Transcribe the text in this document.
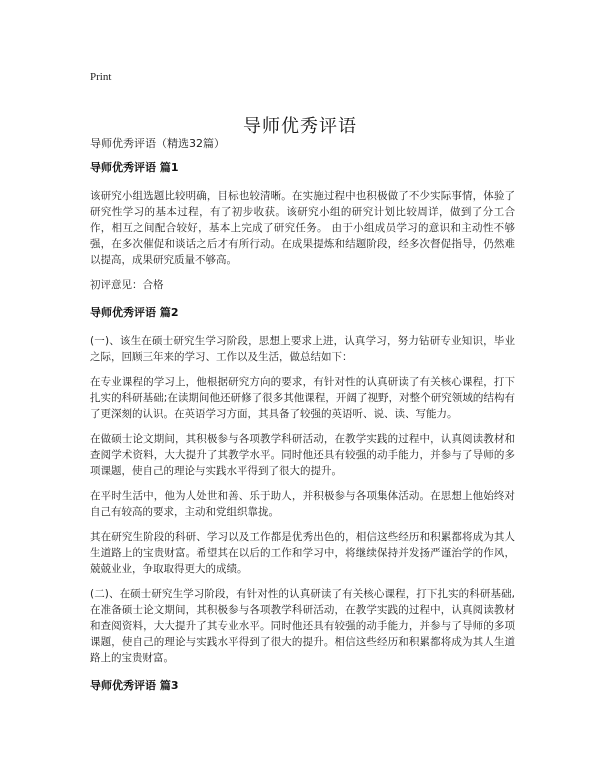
Print
导师优秀评语
导师优秀评语（精选32篇）
导师优秀评语 篇1

该研究小组选题比较明确，目标也较清晰。在实施过程中也积极做了不少实际事情，体验了研究性学习的基本过程，有了初步收获。该研究小组的研究计划比较周详，做到了分工合作，相互之间配合较好，基本上完成了研究任务。 由于小组成员学习的意识和主动性不够强，在多次催促和谈话之后才有所行动。在成果提炼和结题阶段，经多次督促指导，仍然难以提高，成果研究质量不够高。

初评意见：合格

导师优秀评语 篇2

(一)、该生在硕士研究生学习阶段，思想上要求上进，认真学习，努力钻研专业知识，毕业之际，回顾三年来的学习、工作以及生活，做总结如下：

在专业课程的学习上，他根据研究方向的要求，有针对性的认真研读了有关核心课程，打下扎实的科研基础;在读期间他还研修了很多其他课程，开阔了视野，对整个研究领域的结构有了更深刻的认识。在英语学习方面，其具备了较强的英语听、说、读、写能力。

在做硕士论文期间，其积极参与各项教学科研活动，在教学实践的过程中，认真阅读教材和查阅学术资料，大大提升了其教学水平。同时他还具有较强的动手能力，并参与了导师的多项课题，使自己的理论与实践水平得到了很大的提升。

在平时生活中，他为人处世和善、乐于助人，并积极参与各项集体活动。在思想上他始终对自己有较高的要求，主动和党组织靠拢。

其在研究生阶段的科研、学习以及工作都是优秀出色的，相信这些经历和积累都将成为其人生道路上的宝贵财富。希望其在以后的工作和学习中，将继续保持并发扬严谨治学的作风，兢兢业业，争取取得更大的成绩。

(二)、在硕士研究生学习阶段，有针对性的认真研读了有关核心课程，打下扎实的科研基础,在准备硕士论文期间，其积极参与各项教学科研活动，在教学实践的过程中，认真阅读教材和查阅资料，大大提升了其专业水平。同时他还具有较强的动手能力，并参与了导师的多项课题，使自己的理论与实践水平得到了很大的提升。相信这些经历和积累都将成为其人生道路上的宝贵财富。

导师优秀评语 篇3
